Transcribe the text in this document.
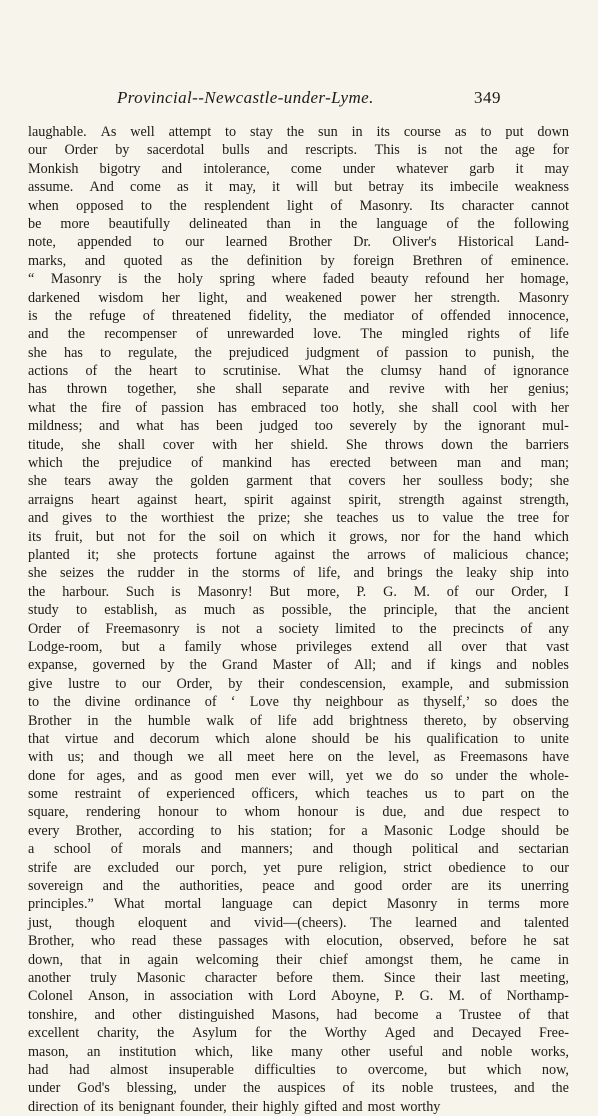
Provincial--Newcastle-under-Lyme.	349
laughable. As well attempt to stay the sun in its course as to put down
our Order by sacerdotal bulls and rescripts. This is not the age for
Monkish bigotry and intolerance, come under whatever garb it may
assume. And come as it may, it will but betray its imbecile weakness
when opposed to the resplendent light of Masonry. Its character cannot
be more beautifully delineated than in the language of the following
note, appended to our learned Brother Dr. Oliver's Historical Land-
marks, and quoted as the definition by foreign Brethren of eminence.
“ Masonry is the holy spring where faded beauty refound her homage,
darkened wisdom her light, and weakened power her strength. Masonry
is the refuge of threatened fidelity, the mediator of offended innocence,
and the recompenser of unrewarded love. The mingled rights of life
she has to regulate, the prejudiced judgment of passion to punish, the
actions of the heart to scrutinise. What the clumsy hand of ignorance
has thrown together, she shall separate and revive with her genius;
what the fire of passion has embraced too hotly, she shall cool with her
mildness; and what has been judged too severely by the ignorant mul-
titude, she shall cover with her shield. She throws down the barriers
which the prejudice of mankind has erected between man and man;
she tears away the golden garment that covers her soulless body; she
arraigns heart against heart, spirit against spirit, strength against strength,
and gives to the worthiest the prize; she teaches us to value the tree for
its fruit, but not for the soil on which it grows, nor for the hand which
planted it; she protects fortune against the arrows of malicious chance;
she seizes the rudder in the storms of life, and brings the leaky ship into
the harbour. Such is Masonry! But more, P. G. M. of our Order, I
study to establish, as much as possible, the principle, that the ancient
Order of Freemasonry is not a society limited to the precincts of any
Lodge-room, but a family whose privileges extend all over that vast
expanse, governed by the Grand Master of All; and if kings and nobles
give lustre to our Order, by their condescension, example, and submission
to the divine ordinance of ‘ Love thy neighbour as thyself,’ so does the
Brother in the humble walk of life add brightness thereto, by observing
that virtue and decorum which alone should be his qualification to unite
with us; and though we all meet here on the level, as Freemasons have
done for ages, and as good men ever will, yet we do so under the whole-
some restraint of experienced officers, which teaches us to part on the
square, rendering honour to whom honour is due, and due respect to
every Brother, according to his station; for a Masonic Lodge should be
a school of morals and manners; and though political and sectarian
strife are excluded our porch, yet pure religion, strict obedience to our
sovereign and the authorities, peace and good order are its unerring
principles.” What mortal language can depict Masonry in terms more
just, though eloquent and vivid—(cheers). The learned and talented
Brother, who read these passages with elocution, observed, before he sat
down, that in again welcoming their chief amongst them, he came in
another truly Masonic character before them. Since their last meeting,
Colonel Anson, in association with Lord Aboyne, P. G. M. of Northamp-
tonshire, and other distinguished Masons, had become a Trustee of that
excellent charity, the Asylum for the Worthy Aged and Decayed Free-
mason, an institution which, like many other useful and noble works,
had had almost insuperable difficulties to overcome, but which now,
under God's blessing, under the auspices of its noble trustees, and the
direction of its benignant founder, their highly gifted and most worthy
